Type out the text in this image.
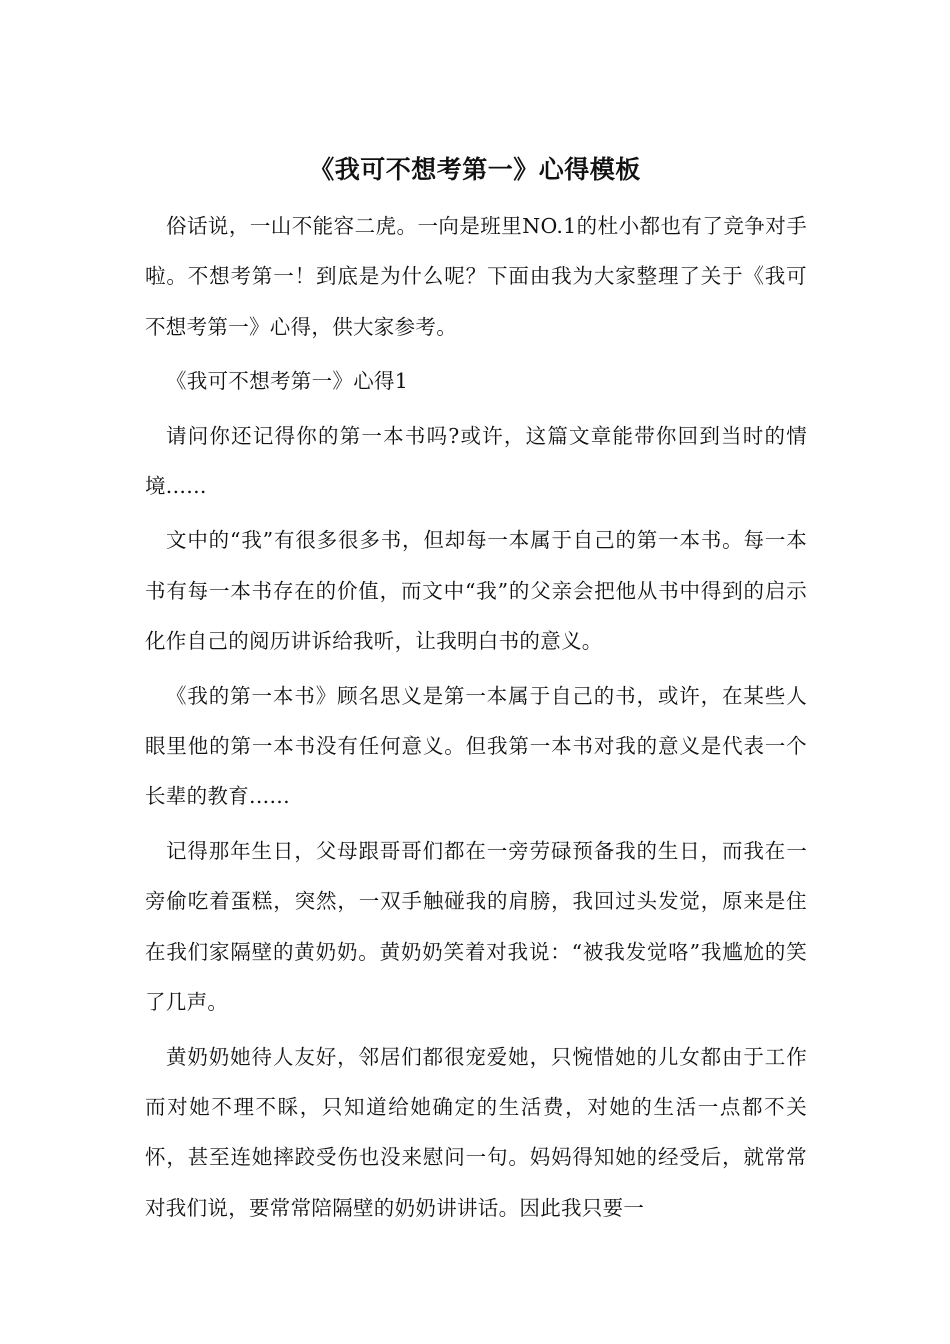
《我可不想考第一》心得模板

俗话说，一山不能容二虎。一向是班里NO.1的杜小都也有了竞争对手啦。不想考第一！到底是为什么呢？下面由我为大家整理了关于《我可不想考第一》心得，供大家参考。

《我可不想考第一》心得1

请问你还记得你的第一本书吗?或许，这篇文章能带你回到当时的情境......

文中的“我”有很多很多书，但却每一本属于自己的第一本书。每一本书有每一本书存在的价值，而文中“我”的父亲会把他从书中得到的启示化作自己的阅历讲诉给我听，让我明白书的意义。

《我的第一本书》顾名思义是第一本属于自己的书，或许，在某些人眼里他的第一本书没有任何意义。但我第一本书对我的意义是代表一个长辈的教育......

记得那年生日，父母跟哥哥们都在一旁劳碌预备我的生日，而我在一旁偷吃着蛋糕，突然，一双手触碰我的肩膀，我回过头发觉，原来是住在我们家隔壁的黄奶奶。黄奶奶笑着对我说：“被我发觉咯”我尴尬的笑了几声。

黄奶奶她待人友好，邻居们都很宠爱她，只惋惜她的儿女都由于工作而对她不理不睬，只知道给她确定的生活费，对她的生活一点都不关怀，甚至连她摔跤受伤也没来慰问一句。妈妈得知她的经受后，就常常对我们说，要常常陪隔壁的奶奶讲讲话。因此我只要一
